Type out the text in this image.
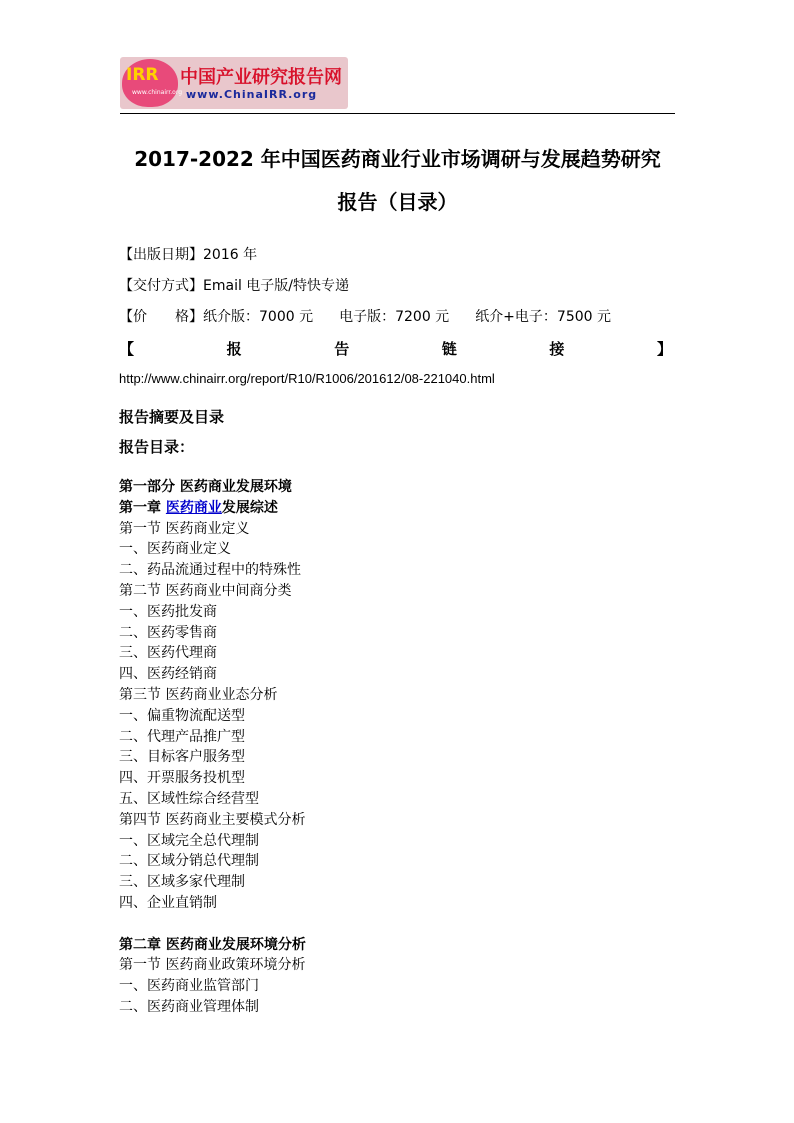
IRR
www.chinairr.org
中国产业研究报告网
www.ChinaIRR.org
2017-2022 年中国医药商业行业市场调研与发展趋势研究
报告（目录）
【出版日期】2016 年
【交付方式】Email 电子版/特快专递
【价　　格】纸介版：7000 元 电子版：7200 元 纸介+电子：7500 元
【	报	告	链	接	】
http://www.chinairr.org/report/R10/R1006/201612/08-221040.html
报告摘要及目录
报告目录：
第一部分 医药商业发展环境
第一章 医药商业发展综述
第一节 医药商业定义
一、医药商业定义
二、药品流通过程中的特殊性
第二节 医药商业中间商分类
一、医药批发商
二、医药零售商
三、医药代理商
四、医药经销商
第三节 医药商业业态分析
一、偏重物流配送型
二、代理产品推广型
三、目标客户服务型
四、开票服务投机型
五、区域性综合经营型
第四节 医药商业主要模式分析
一、区域完全总代理制
二、区域分销总代理制
三、区域多家代理制
四、企业直销制
第二章 医药商业发展环境分析
第一节 医药商业政策环境分析
一、医药商业监管部门
二、医药商业管理体制
